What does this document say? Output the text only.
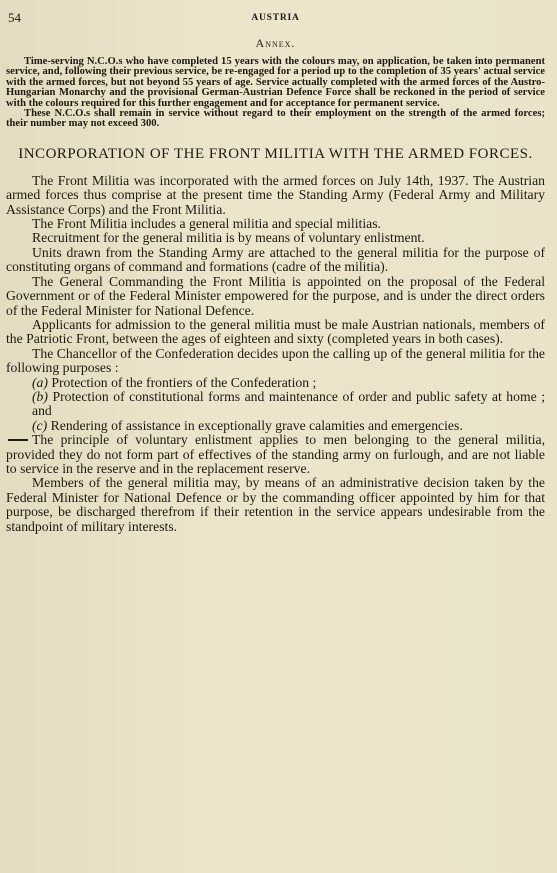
54	AUSTRIA
Annex.

Time-serving N.C.O.s who have completed 15 years with the colours may, on application, be taken into permanent service, and, following their previous service, be re-engaged for a period up to the completion of 35 years' actual service with the armed forces, but not beyond 55 years of age. Service actually completed with the armed forces of the Austro-Hungarian Monarchy and the provisional German-Austrian Defence Force shall be reckoned in the period of service with the colours required for this further engagement and for acceptance for permanent service.

These N.C.O.s shall remain in service without regard to their employment on the strength of the armed forces; their number may not exceed 300.

INCORPORATION OF THE FRONT MILITIA WITH THE ARMED FORCES.

The Front Militia was incorporated with the armed forces on July 14th, 1937. The Austrian armed forces thus comprise at the present time the Standing Army (Federal Army and Military Assistance Corps) and the Front Militia.

The Front Militia includes a general militia and special militias.

Recruitment for the general militia is by means of voluntary enlistment.

Units drawn from the Standing Army are attached to the general militia for the purpose of constituting organs of command and formations (cadre of the militia).

The General Commanding the Front Militia is appointed on the proposal of the Federal Government or of the Federal Minister empowered for the purpose, and is under the direct orders of the Federal Minister for National Defence.

Applicants for admission to the general militia must be male Austrian nationals, members of the Patriotic Front, between the ages of eighteen and sixty (completed years in both cases).

The Chancellor of the Confederation decides upon the calling up of the general militia for the following purposes :

(a) Protection of the frontiers of the Confederation ;

(b) Protection of constitutional forms and maintenance of order and public safety at home ; and

(c) Rendering of assistance in exceptionally grave calamities and emergencies.

The principle of voluntary enlistment applies to men belonging to the general militia, provided they do not form part of effectives of the standing army on furlough, and are not liable to service in the reserve and in the replacement reserve.

Members of the general militia may, by means of an administrative decision taken by the Federal Minister for National Defence or by the commanding officer appointed by him for that purpose, be discharged therefrom if their retention in the service appears undesirable from the standpoint of military interests.
